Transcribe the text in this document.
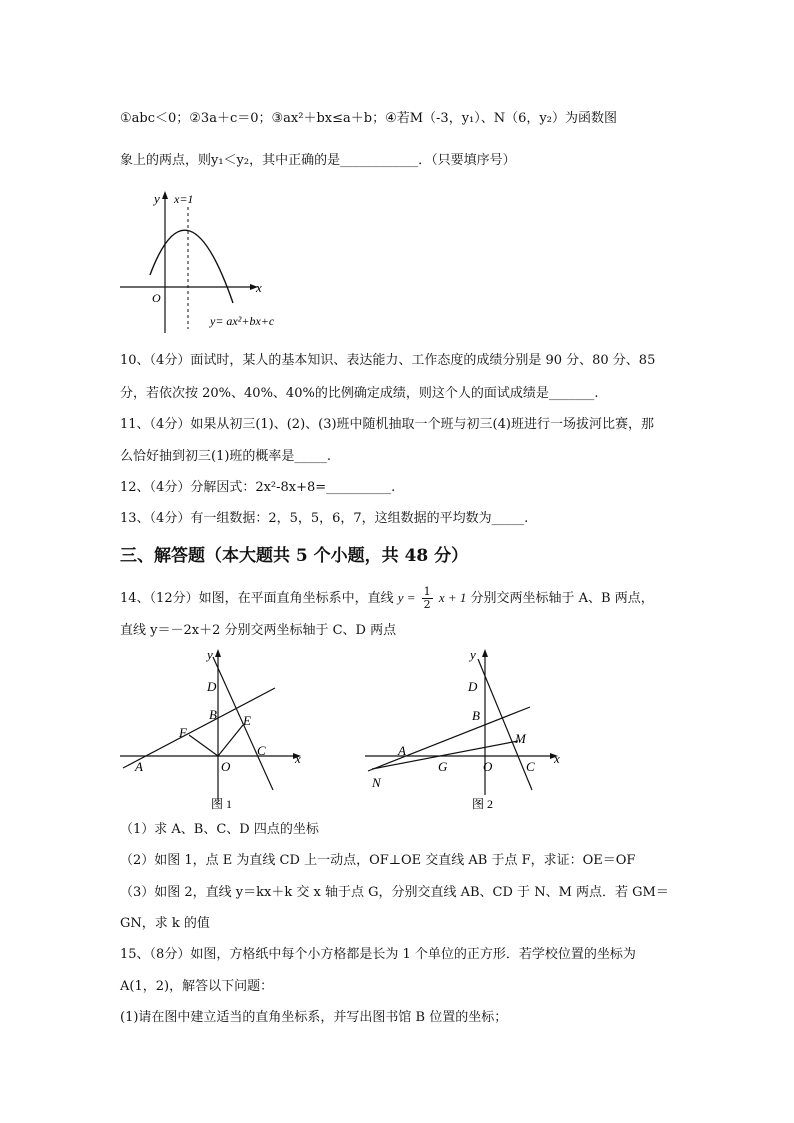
①abc＜0；②3a＋c＝0；③ax²＋bx≤a＋b；④若M（-3，y₁）、N（6，y₂）为函数图
象上的两点，则y₁＜y₂，其中正确的是____________．（只要填序号）
y x=1
x
O
y= ax²+bx+c
10、（4分）面试时，某人的基本知识、表达能力、工作态度的成绩分别是 90 分、80 分、85
分，若依次按 20%、40%、40%的比例确定成绩，则这个人的面试成绩是_______.
11、（4分）如果从初三(1)、(2)、(3)班中随机抽取一个班与初三(4)班进行一场拔河比赛，那
么恰好抽到初三(1)班的概率是_____.
12、（4分）分解因式：2x²-8x+8=__________.
13、（4分）有一组数据：2，5，5，6，7，这组数据的平均数为_____.
三、解答题（本大题共 5 个小题，共 48 分）
14、（12分）如图，在平面直角坐标系中，直线 $y = \frac{1}{2}$ x + 1 分别交两坐标轴于 A、B 两点，
直线 y＝－2x＋2 分别交两坐标轴于 C、D 两点
y
x
D
B E
F
C
A	O
图 1
y
x
D
B
M
A
G	O	C
N
图 2
（1）求 A、B、C、D 四点的坐标
（2）如图 1，点 E 为直线 CD 上一动点，OF⊥OE 交直线 AB 于点 F，求证：OE＝OF
（3）如图 2，直线 y＝kx＋k 交 x 轴于点 G，分别交直线 AB、CD 于 N、M 两点．若 GM＝
GN，求 k 的值
15、（8分）如图，方格纸中每个小方格都是长为 1 个单位的正方形．若学校位置的坐标为
A(1，2)，解答以下问题：
(1)请在图中建立适当的直角坐标系，并写出图书馆 B 位置的坐标；
